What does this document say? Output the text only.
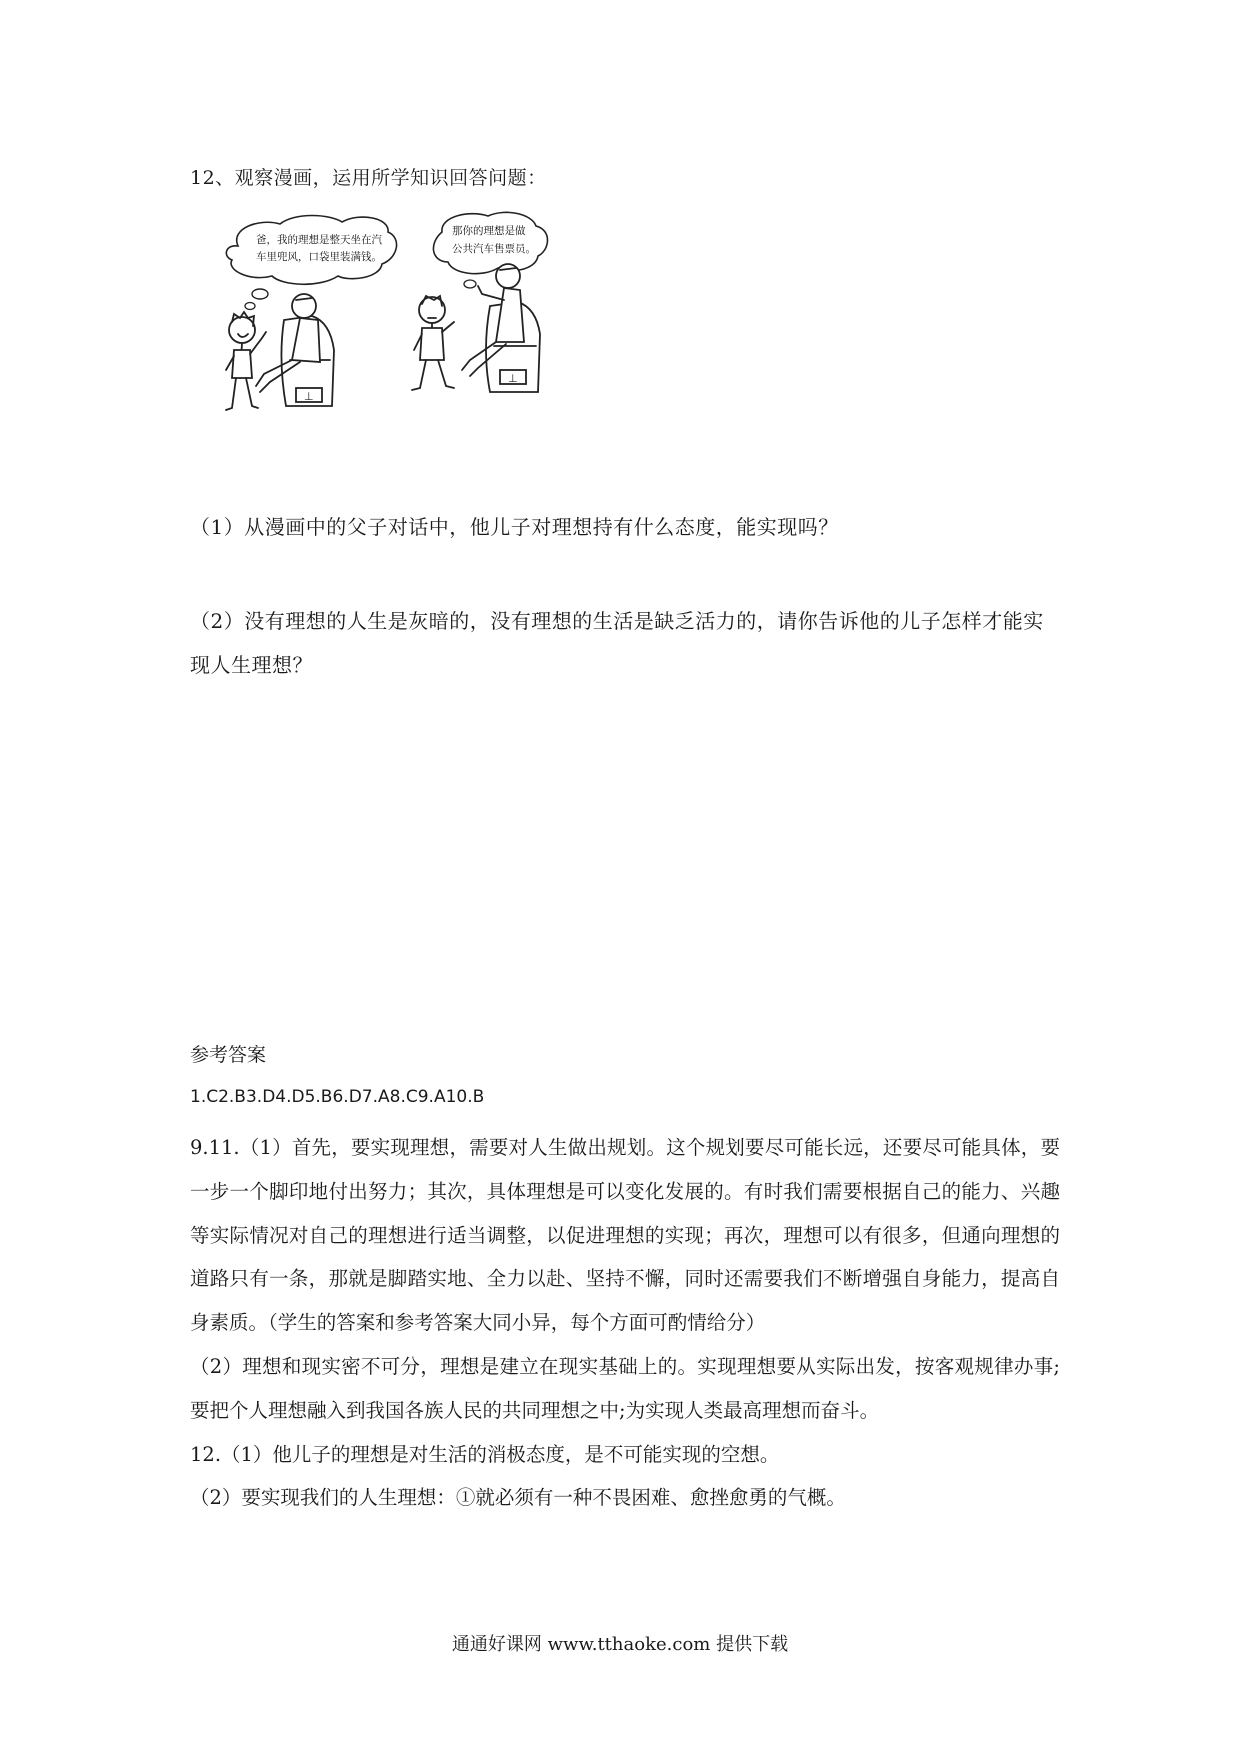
12、观察漫画，运用所学知识回答问题：
爸，我的理想是整天坐在汽
车里兜风，口袋里装满钱。
那你的理想是做
公共汽车售票员。
⊥
⊥
（1）从漫画中的父子对话中，他儿子对理想持有什么态度，能实现吗？
（2）没有理想的人生是灰暗的，没有理想的生活是缺乏活力的，请你告诉他的儿子怎样才能实现人生理想？

参考答案

1.C2.B3.D4.D5.B6.D7.A8.C9.A10.B

9.11.（1）首先，要实现理想，需要对人生做出规划。这个规划要尽可能长远，还要尽可能具体，要一步一个脚印地付出努力；其次，具体理想是可以变化发展的。有时我们需要根据自己的能力、兴趣等实际情况对自己的理想进行适当调整，以促进理想的实现；再次，理想可以有很多，但通向理想的道路只有一条，那就是脚踏实地、全力以赴、坚持不懈，同时还需要我们不断增强自身能力，提高自身素质。（学生的答案和参考答案大同小异，每个方面可酌情给分）

（2）理想和现实密不可分，理想是建立在现实基础上的。实现理想要从实际出发，按客观规律办事;要把个人理想融入到我国各族人民的共同理想之中;为实现人类最高理想而奋斗。

12.（1）他儿子的理想是对生活的消极态度，是不可能实现的空想。

（2）要实现我们的人生理想：①就必须有一种不畏困难、愈挫愈勇的气概。

通通好课网 www.tthaoke.com 提供下载
